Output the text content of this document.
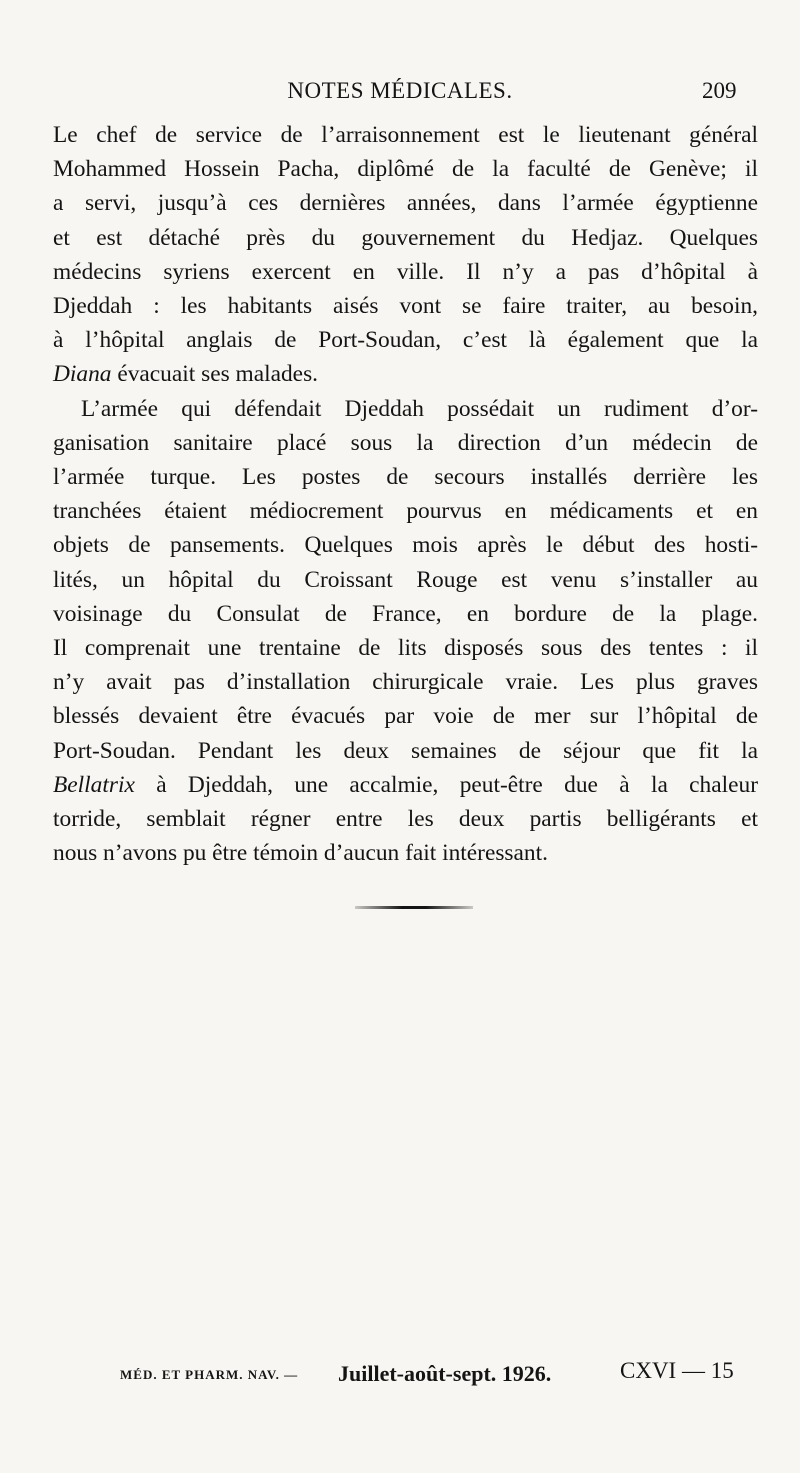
NOTES MÉDICALES.	209
Le chef de service de l’arraisonnement est le lieutenant général
Mohammed Hossein Pacha, diplômé de la faculté de Genève; il
a servi, jusqu’à ces dernières années, dans l’armée égyptienne
et est détaché près du gouvernement du Hedjaz. Quelques
médecins syriens exercent en ville. Il n’y a pas d’hôpital à
Djeddah : les habitants aisés vont se faire traiter, au besoin,
à l’hôpital anglais de Port-Soudan, c’est là également que la
Diana évacuait ses malades.
L’armée qui défendait Djeddah possédait un rudiment d’or-
ganisation sanitaire placé sous la direction d’un médecin de
l’armée turque. Les postes de secours installés derrière les
tranchées étaient médiocrement pourvus en médicaments et en
objets de pansements. Quelques mois après le début des hosti-
lités, un hôpital du Croissant Rouge est venu s’installer au
voisinage du Consulat de France, en bordure de la plage.
Il comprenait une trentaine de lits disposés sous des tentes : il
n’y avait pas d’installation chirurgicale vraie. Les plus graves
blessés devaient être évacués par voie de mer sur l’hôpital de
Port-Soudan. Pendant les deux semaines de séjour que fit la
Bellatrix à Djeddah, une accalmie, peut-être due à la chaleur
torride, semblait régner entre les deux partis belligérants et
nous n’avons pu être témoin d’aucun fait intéressant.
MÉD. ET PHARM. NAV. — Juillet-août-sept. 1926.	CXVI — 15
